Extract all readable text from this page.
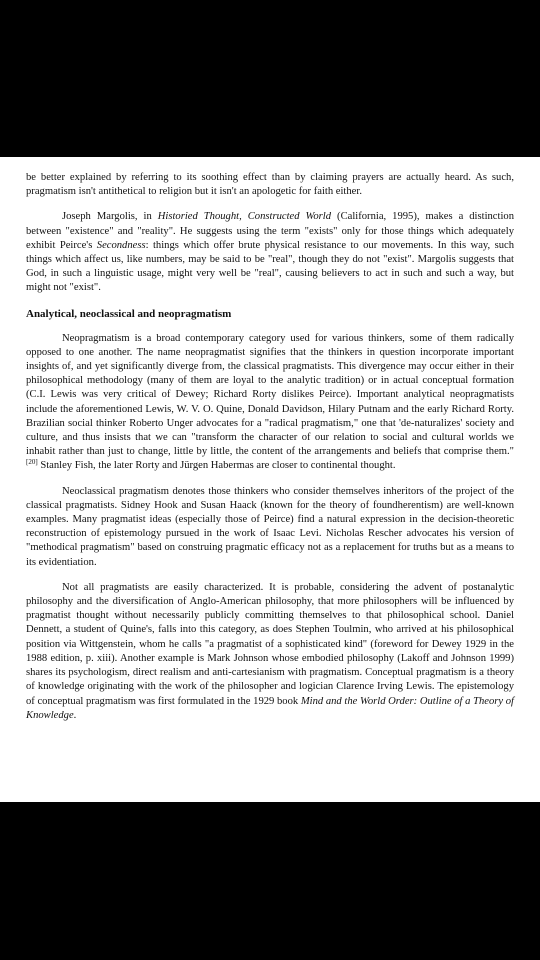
be better explained by referring to its soothing effect than by claiming prayers are actually heard. As such, pragmatism isn't antithetical to religion but it isn't an apologetic for faith either.

Joseph Margolis, in Historied Thought, Constructed World (California, 1995), makes a distinction between "existence" and "reality". He suggests using the term "exists" only for those things which adequately exhibit Peirce's Secondness: things which offer brute physical resistance to our movements. In this way, such things which affect us, like numbers, may be said to be "real", though they do not "exist". Margolis suggests that God, in such a linguistic usage, might very well be "real", causing believers to act in such and such a way, but might not "exist".

Analytical, neoclassical and neopragmatism

Neopragmatism is a broad contemporary category used for various thinkers, some of them radically opposed to one another. The name neopragmatist signifies that the thinkers in question incorporate important insights of, and yet significantly diverge from, the classical pragmatists. This divergence may occur either in their philosophical methodology (many of them are loyal to the analytic tradition) or in actual conceptual formation (C.I. Lewis was very critical of Dewey; Richard Rorty dislikes Peirce). Important analytical neopragmatists include the aforementioned Lewis, W. V. O. Quine, Donald Davidson, Hilary Putnam and the early Richard Rorty. Brazilian social thinker Roberto Unger advocates for a "radical pragmatism," one that 'de-naturalizes' society and culture, and thus insists that we can "transform the character of our relation to social and cultural worlds we inhabit rather than just to change, little by little, the content of the arrangements and beliefs that comprise them."[20] Stanley Fish, the later Rorty and Jürgen Habermas are closer to continental thought.

Neoclassical pragmatism denotes those thinkers who consider themselves inheritors of the project of the classical pragmatists. Sidney Hook and Susan Haack (known for the theory of foundherentism) are well-known examples. Many pragmatist ideas (especially those of Peirce) find a natural expression in the decision-theoretic reconstruction of epistemology pursued in the work of Isaac Levi. Nicholas Rescher advocates his version of "methodical pragmatism" based on construing pragmatic efficacy not as a replacement for truths but as a means to its evidentiation.

Not all pragmatists are easily characterized. It is probable, considering the advent of postanalytic philosophy and the diversification of Anglo-American philosophy, that more philosophers will be influenced by pragmatist thought without necessarily publicly committing themselves to that philosophical school. Daniel Dennett, a student of Quine's, falls into this category, as does Stephen Toulmin, who arrived at his philosophical position via Wittgenstein, whom he calls "a pragmatist of a sophisticated kind" (foreword for Dewey 1929 in the 1988 edition, p. xiii). Another example is Mark Johnson whose embodied philosophy (Lakoff and Johnson 1999) shares its psychologism, direct realism and anti-cartesianism with pragmatism. Conceptual pragmatism is a theory of knowledge originating with the work of the philosopher and logician Clarence Irving Lewis. The epistemology of conceptual pragmatism was first formulated in the 1929 book Mind and the World Order: Outline of a Theory of Knowledge.
